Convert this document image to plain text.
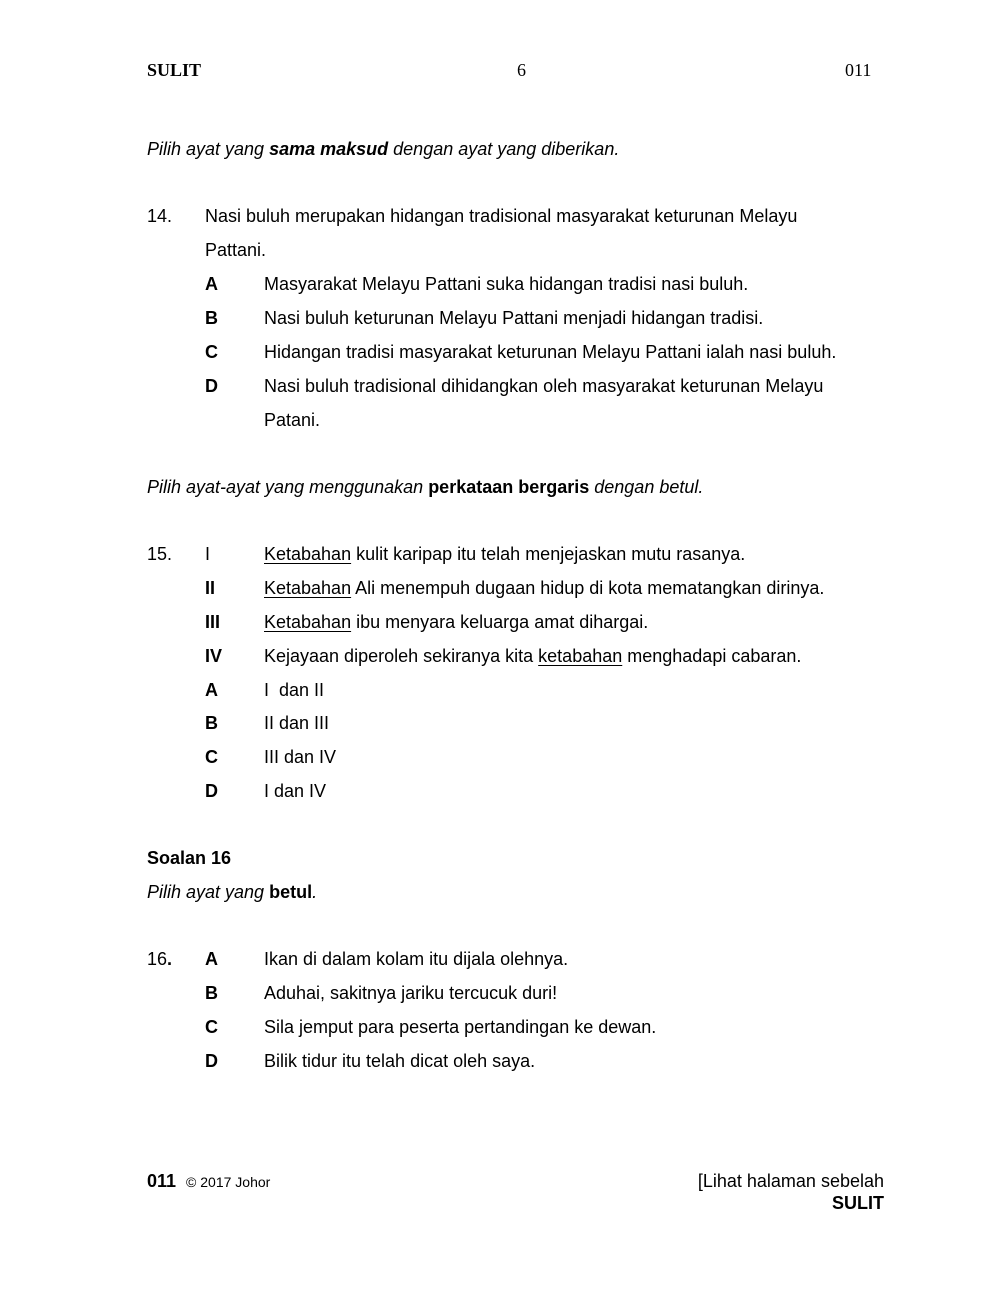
SULIT	6	011
Pilih ayat yang sama maksud dengan ayat yang diberikan.
14. Nasi buluh merupakan hidangan tradisional masyarakat keturunan Melayu
Pattani.
A	Masyarakat Melayu Pattani suka hidangan tradisi nasi buluh.
B	Nasi buluh keturunan Melayu Pattani menjadi hidangan tradisi.
C	Hidangan tradisi masyarakat keturunan Melayu Pattani ialah nasi buluh.
D	Nasi buluh tradisional dihidangkan oleh masyarakat keturunan Melayu
Patani.
Pilih ayat-ayat yang menggunakan perkataan bergaris dengan betul.
15. I	Ketabahan kulit karipap itu telah menjejaskan mutu rasanya.
II	Ketabahan Ali menempuh dugaan hidup di kota mematangkan dirinya.
III Ketabahan ibu menyara keluarga amat dihargai.
IV Kejayaan diperoleh sekiranya kita ketabahan menghadapi cabaran.
A	I  dan II
B	II dan III
C	III dan IV
D	I dan IV
Soalan 16
Pilih ayat yang betul.
16. A	Ikan di dalam kolam itu dijala olehnya.
B	Aduhai, sakitnya jariku tercucuk duri!
C	Sila jemput para peserta pertandingan ke dewan.
D	Bilik tidur itu telah dicat oleh saya.
011 © 2017 Johor	[Lihat halaman sebelah
SULIT
